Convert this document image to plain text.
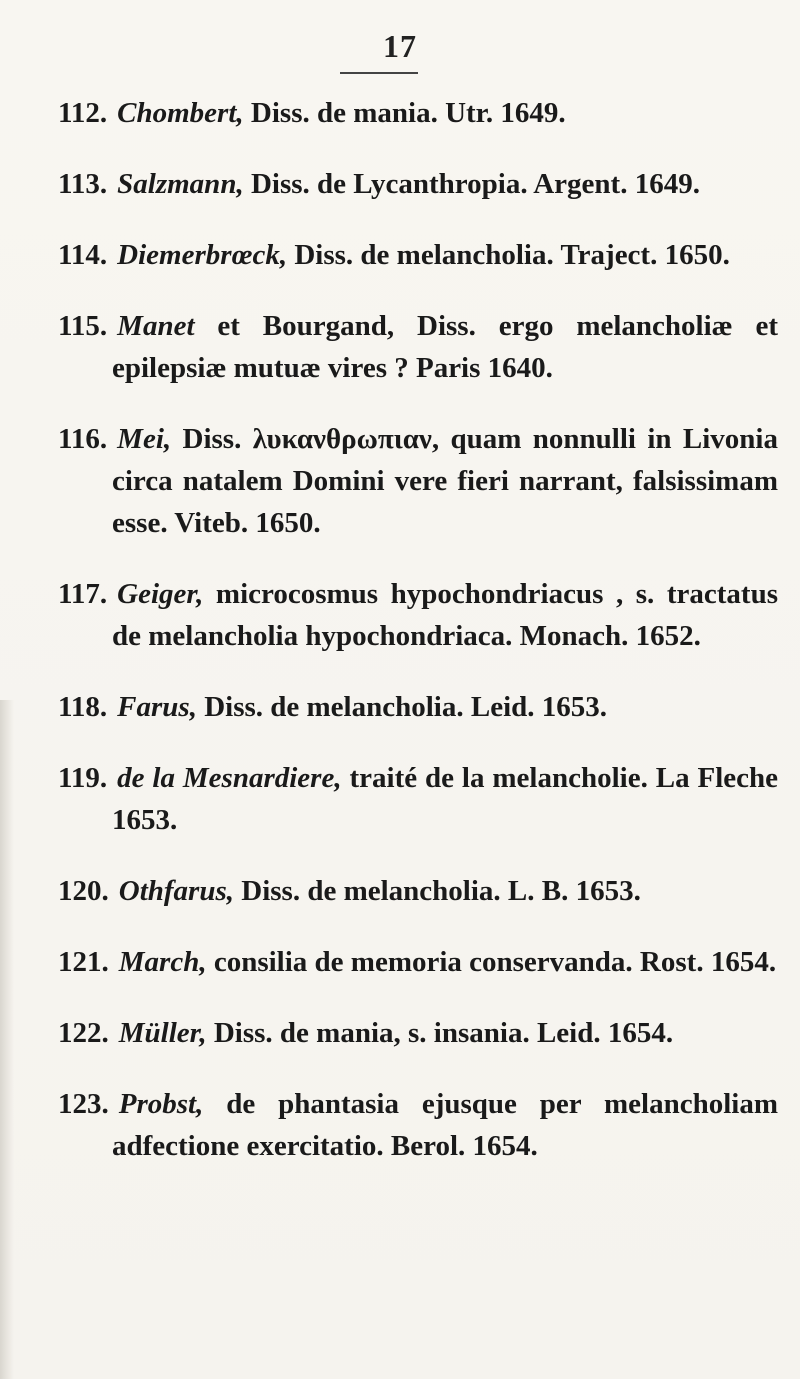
17

112. Chombert, Diss. de mania. Utr. 1649.

113. Salzmann, Diss. de Lycanthropia. Argent. 1649.

114. Diemerbrœck, Diss. de melancholia. Traject. 1650.

115. Manet et Bourgand, Diss. ergo melancholiæ et epilepsiæ mutuæ vires ? Paris 1640.

116. Mei, Diss. λυκανθρωπιαν, quam nonnulli in Livonia circa natalem Domini vere fieri narrant, falsissimam esse. Viteb. 1650.

117. Geiger, microcosmus hypochondriacus , s. tractatus de melancholia hypochondriaca. Monach. 1652.

118. Farus, Diss. de melancholia. Leid. 1653.

119. de la Mesnardiere, traité de la melancholie. La Fleche 1653.

120. Othfarus, Diss. de melancholia. L. B. 1653.

121. March, consilia de memoria conservanda. Rost. 1654.

122. Müller, Diss. de mania, s. insania. Leid. 1654.

123. Probst, de phantasia ejusque per melancholiam adfectione exercitatio. Berol. 1654.
